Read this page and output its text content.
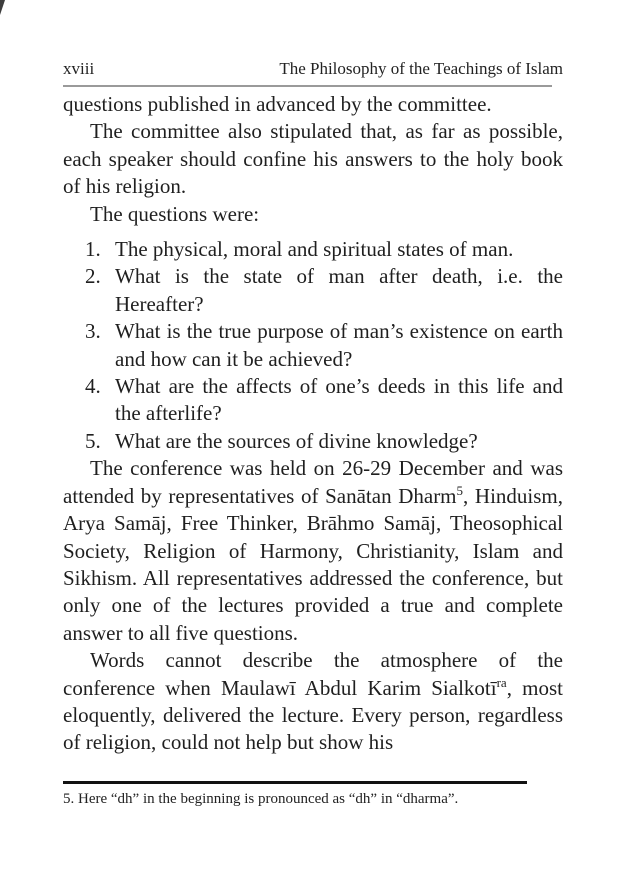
xviii	The Philosophy of the Teachings of Islam

questions published in advanced by the committee.

The committee also stipulated that, as far as possible, each speaker should confine his answers to the holy book of his religion.

The questions were:

1. The physical, moral and spiritual states of man.
2. What is the state of man after death, i.e. the Hereafter?
3. What is the true purpose of man’s existence on earth and how can it be achieved?
4. What are the affects of one’s deeds in this life and the afterlife?
5. What are the sources of divine knowledge?

The conference was held on 26-29 December and was attended by representatives of Sanātan Dharm$^5$, Hinduism, Arya Samāj, Free Thinker, Brāhmo Samāj, Theosophical Society, Religion of Harmony, Christianity, Islam and Sikhism. All representatives addressed the conference, but only one of the lectures provided a true and complete answer to all five questions.

Words cannot describe the atmosphere of the conference when Maulawī Abdul Karim Sialkotī$^{ra}$, most eloquently, delivered the lecture. Every person, regardless of religion, could not help but show his

5. Here “dh” in the beginning is pronounced as “dh” in “dharma”.
